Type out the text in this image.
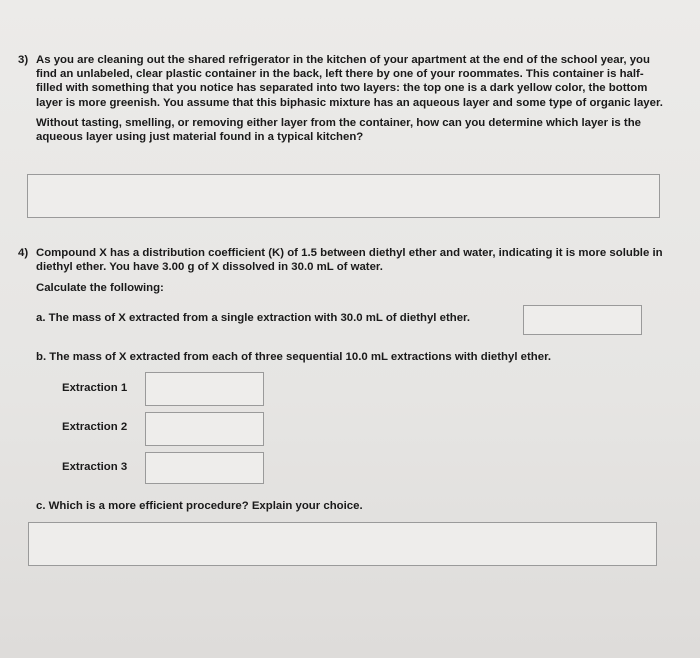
3) As you are cleaning out the shared refrigerator in the kitchen of your apartment at the end of the school year, you find an unlabeled, clear plastic container in the back, left there by one of your roommates. This container is half-filled with something that you notice has separated into two layers: the top one is a dark yellow color, the bottom layer is more greenish. You assume that this biphasic mixture has an aqueous layer and some type of organic layer.
Without tasting, smelling, or removing either layer from the container, how can you determine which layer is the aqueous layer using just material found in a typical kitchen?
4) Compound X has a distribution coefficient (K) of 1.5 between diethyl ether and water, indicating it is more soluble in diethyl ether. You have 3.00 g of X dissolved in 30.0 mL of water.
Calculate the following:
a. The mass of X extracted from a single extraction with 30.0 mL of diethyl ether.
b. The mass of X extracted from each of three sequential 10.0 mL extractions with diethyl ether.
Extraction 1
Extraction 2
Extraction 3
c. Which is a more efficient procedure? Explain your choice.
